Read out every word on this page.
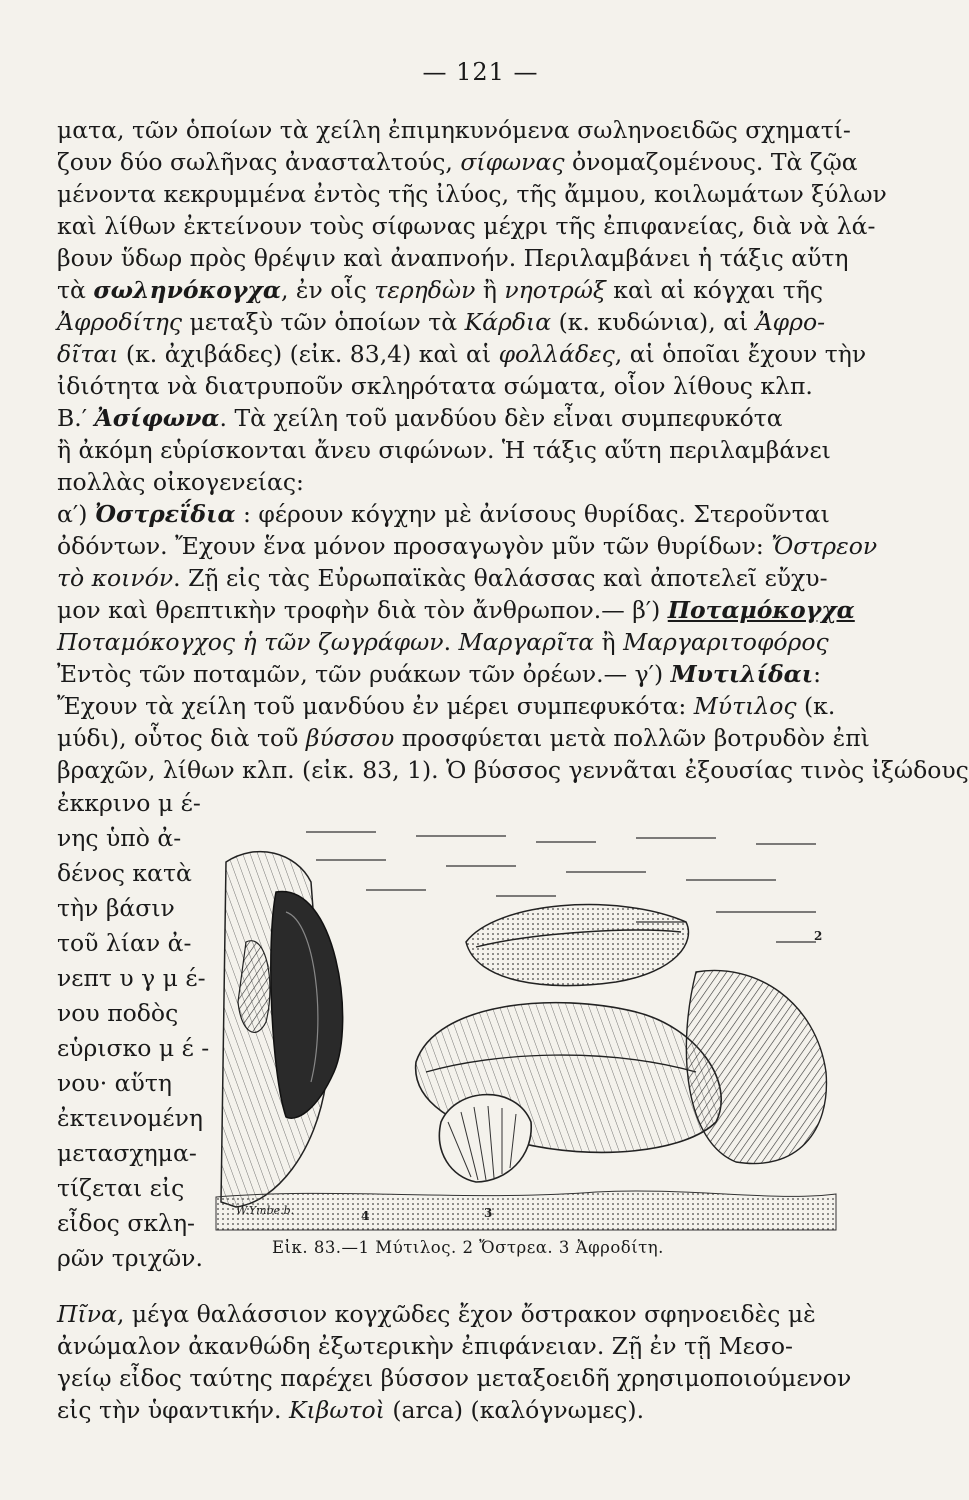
— 121 —
ματα, τῶν ὁποίων τὰ χείλη ἐπιμηκυνόμενα σωληνοειδῶς σχηματί-
ζουν δύο σωλῆνας ἀνασταλτούς, σίφωνας ὀνομαζομένους. Τὰ ζῷα
μένοντα κεκρυμμένα ἐντὸς τῆς ἰλύος, τῆς ἄμμου, κοιλωμάτων ξύλων
καὶ λίθων ἐκτείνουν τοὺς σίφωνας μέχρι τῆς ἐπιφανείας, διὰ νὰ λά-
βουν ὕδωρ πρὸς θρέψιν καὶ ἀναπνοήν. Περιλαμβάνει ἡ τάξις αὕτη
τὰ σωληνόκογχα, ἐν οἷς τερηδὼν ἢ νηοτρώξ καὶ αἱ κόγχαι τῆς
Ἀφροδίτης μεταξὺ τῶν ὁποίων τὰ Κάρδια (κ. κυδώνια), αἱ Ἀφρο-
δῖται (κ. ἀχιβάδες) (εἰκ. 83,4) καὶ αἱ φολλάδες, αἱ ὁποῖαι ἔχουν τὴν
ἰδιότητα νὰ διατρυποῦν σκληρότατα σώματα, οἷον λίθους κλπ.
Β.′ Ἀσίφωνα. Τὰ χείλη τοῦ μανδύου δὲν εἶναι συμπεφυκότα
ἢ ἀκόμη εὑρίσκονται ἄνευ σιφώνων. Ἡ τάξις αὕτη περιλαμβάνει
πολλὰς οἰκογενείας:
α′) Ὀστρεΐδια : φέρουν κόγχην μὲ ἀνίσους θυρίδας. Στεροῦνται
ὀδόντων. Ἔχουν ἕνα μόνον προσαγωγὸν μῦν τῶν θυρίδων: Ὄστρεον
τὸ κοινόν. Ζῇ εἰς τὰς Εὐρωπαϊκὰς θαλάσσας καὶ ἀποτελεῖ εὔχυ-
μον καὶ θρεπτικὴν τροφὴν διὰ τὸν ἄνθρωπον.— β′) Ποταμόκογχα
Ποταμόκογχος ἡ τῶν ζωγράφων. Μαργαρῖτα ἢ Μαργαριτοφόρος
Ἐντὸς τῶν ποταμῶν, τῶν ρυάκων τῶν ὀρέων.— γ′) Μυτιλίδαι:
Ἔχουν τὰ χείλη τοῦ μανδύου ἐν μέρει συμπεφυκότα: Μύτιλος (κ.
μύδι), οὗτος διὰ τοῦ βύσσου προσφύεται μετὰ πολλῶν βοτρυδὸν ἐπὶ
βραχῶν, λίθων κλπ. (εἰκ. 83, 1). Ὁ βύσσος γεννᾶται ἐξουσίας τινὸς ἰξώδους
ἐκκρινο μ έ-
νης ὑπὸ ἀ-
δένος κατὰ
τὴν βάσιν
τοῦ λίαν ἀ-
νεπτ υ γ μ έ-
νου ποδὸς
εὑρισκο μ έ -
νου· αὕτη
ἐκτεινομένη
μετασχημα-
τίζεται εἰς
εἶδος σκλη-
ρῶν τριχῶν.
W.Ymbe.b.	4	3
2
Εἰκ. 83.—1 Μύτιλος. 2 Ὄστρεα. 3 Ἀφροδίτη.
Πῖνα, μέγα θαλάσσιον κογχῶδες ἔχον ὄστρακον σφηνοειδὲς μὲ
ἀνώμαλον ἀκανθώδη ἐξωτερικὴν ἐπιφάνειαν. Ζῇ ἐν τῇ Μεσο-
γείῳ εἶδος ταύτης παρέχει βύσσον μεταξοειδῆ χρησιμοποιούμενον
εἰς τὴν ὑφαντικήν. Κιβωτοὶ (arca) (καλόγνωμες).
